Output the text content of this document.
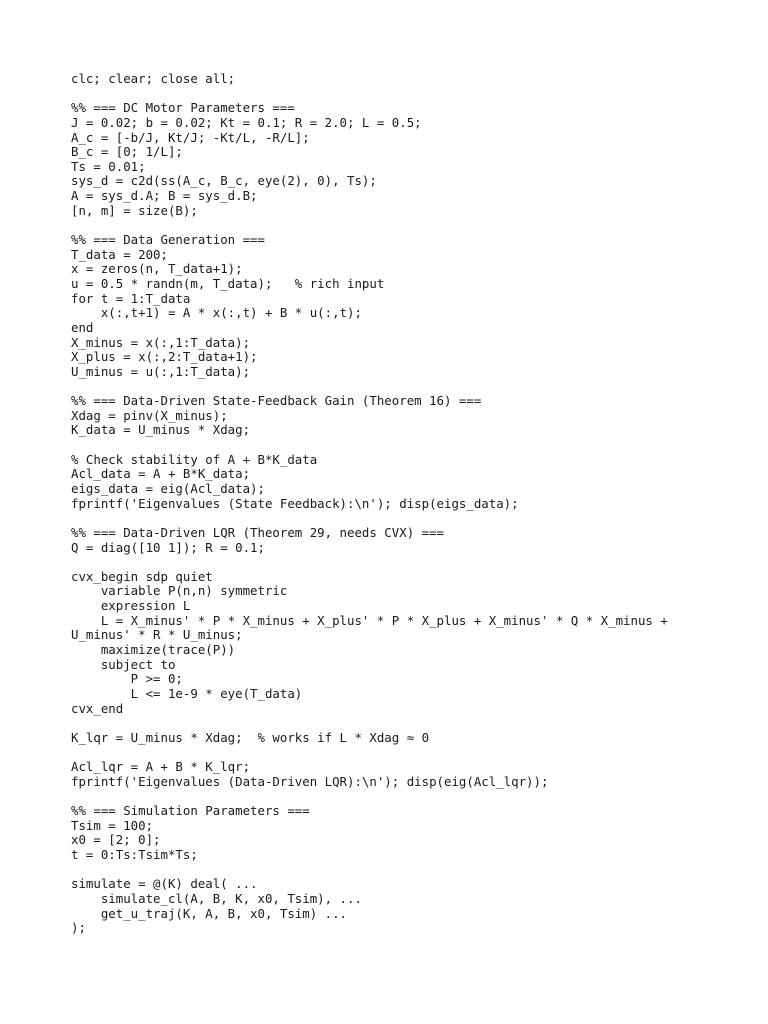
clc; clear; close all;
%% === DC Motor Parameters ===
J = 0.02; b = 0.02; Kt = 0.1; R = 2.0; L = 0.5;
A_c = [-b/J, Kt/J; -Kt/L, -R/L];
B_c = [0; 1/L];
Ts = 0.01;
sys_d = c2d(ss(A_c, B_c, eye(2), 0), Ts);
A = sys_d.A; B = sys_d.B;
[n, m] = size(B);
%% === Data Generation ===
T_data = 200;
x = zeros(n, T_data+1);
u = 0.5 * randn(m, T_data);   % rich input
for t = 1:T_data
x(:,t+1) = A * x(:,t) + B * u(:,t);
end
X_minus = x(:,1:T_data);
X_plus = x(:,2:T_data+1);
U_minus = u(:,1:T_data);
%% === Data-Driven State-Feedback Gain (Theorem 16) ===
Xdag = pinv(X_minus);
K_data = U_minus * Xdag;
% Check stability of A + B*K_data
Acl_data = A + B*K_data;
eigs_data = eig(Acl_data);
fprintf('Eigenvalues (State Feedback):\n'); disp(eigs_data);
%% === Data-Driven LQR (Theorem 29, needs CVX) ===
Q = diag([10 1]); R = 0.1;
cvx_begin sdp quiet
variable P(n,n) symmetric
expression L
L = X_minus' * P * X_minus + X_plus' * P * X_plus + X_minus' * Q * X_minus +
U_minus' * R * U_minus;
maximize(trace(P))
subject to
P >= 0;
L <= 1e-9 * eye(T_data)
cvx_end
K_lqr = U_minus * Xdag;  % works if L * Xdag ≈ 0
Acl_lqr = A + B * K_lqr;
fprintf('Eigenvalues (Data-Driven LQR):\n'); disp(eig(Acl_lqr));
%% === Simulation Parameters ===
Tsim = 100;
x0 = [2; 0];
t = 0:Ts:Tsim*Ts;
simulate = @(K) deal( ...
simulate_cl(A, B, K, x0, Tsim), ...
get_u_traj(K, A, B, x0, Tsim) ...
);
